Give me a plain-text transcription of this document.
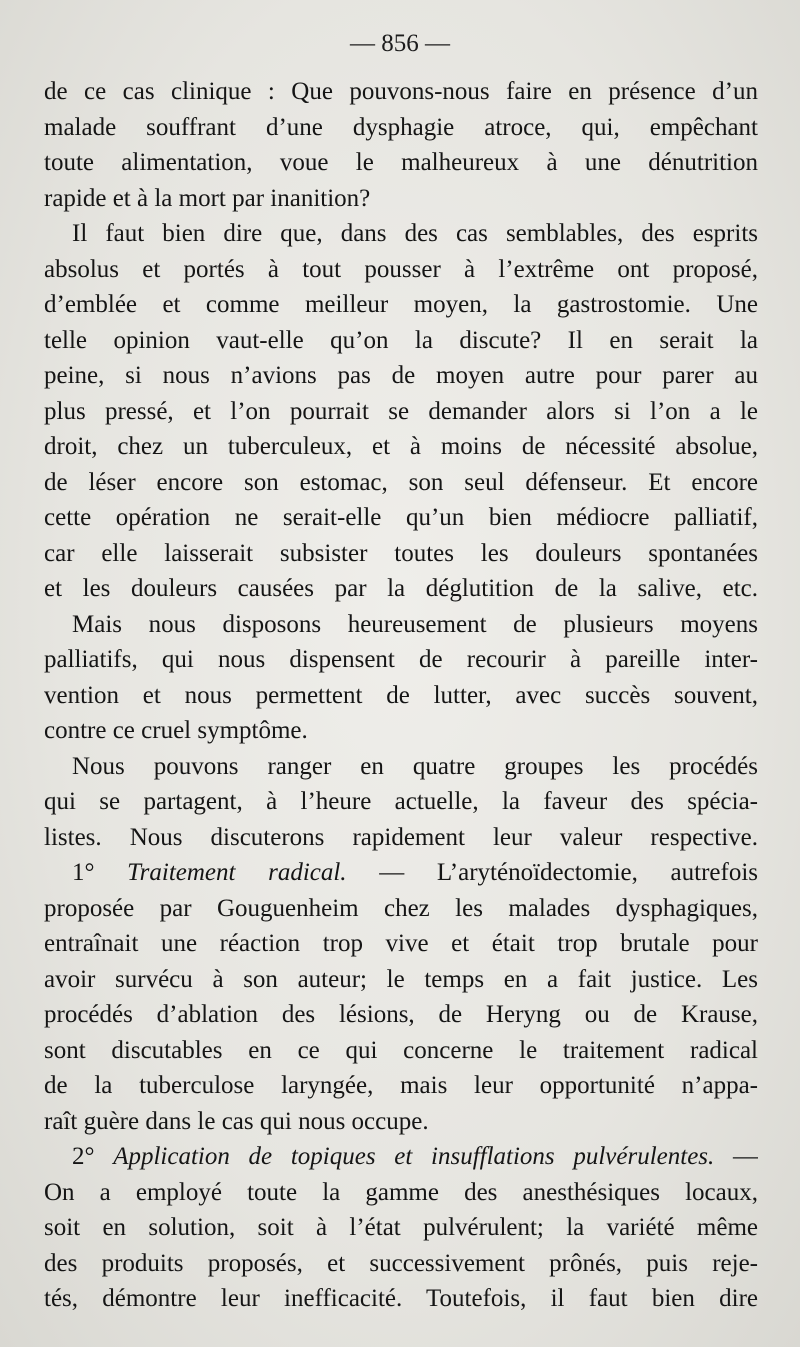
— 856 —
de ce cas clinique : Que pouvons-nous faire en présence d’un
malade souffrant d’une dysphagie atroce, qui, empêchant
toute alimentation, voue le malheureux à une dénutrition
rapide et à la mort par inanition?
Il faut bien dire que, dans des cas semblables, des esprits
absolus et portés à tout pousser à l’extrême ont proposé,
d’emblée et comme meilleur moyen, la gastrostomie. Une
telle opinion vaut-elle qu’on la discute? Il en serait la
peine, si nous n’avions pas de moyen autre pour parer au
plus pressé, et l’on pourrait se demander alors si l’on a le
droit, chez un tuberculeux, et à moins de nécessité absolue,
de léser encore son estomac, son seul défenseur. Et encore
cette opération ne serait-elle qu’un bien médiocre palliatif,
car elle laisserait subsister toutes les douleurs spontanées
et les douleurs causées par la déglutition de la salive, etc.
Mais nous disposons heureusement de plusieurs moyens
palliatifs, qui nous dispensent de recourir à pareille inter-
vention et nous permettent de lutter, avec succès souvent,
contre ce cruel symptôme.
Nous pouvons ranger en quatre groupes les procédés
qui se partagent, à l’heure actuelle, la faveur des spécia-
listes. Nous discuterons rapidement leur valeur respective.
1° Traitement radical. — L’aryténoïdectomie, autrefois
proposée par Gouguenheim chez les malades dysphagiques,
entraînait une réaction trop vive et était trop brutale pour
avoir survécu à son auteur; le temps en a fait justice. Les
procédés d’ablation des lésions, de Heryng ou de Krause,
sont discutables en ce qui concerne le traitement radical
de la tuberculose laryngée, mais leur opportunité n’appa-
raît guère dans le cas qui nous occupe.
2° Application de topiques et insufflations pulvérulentes. —
On a employé toute la gamme des anesthésiques locaux,
soit en solution, soit à l’état pulvérulent; la variété même
des produits proposés, et successivement prônés, puis reje-
tés, démontre leur inefficacité. Toutefois, il faut bien dire
